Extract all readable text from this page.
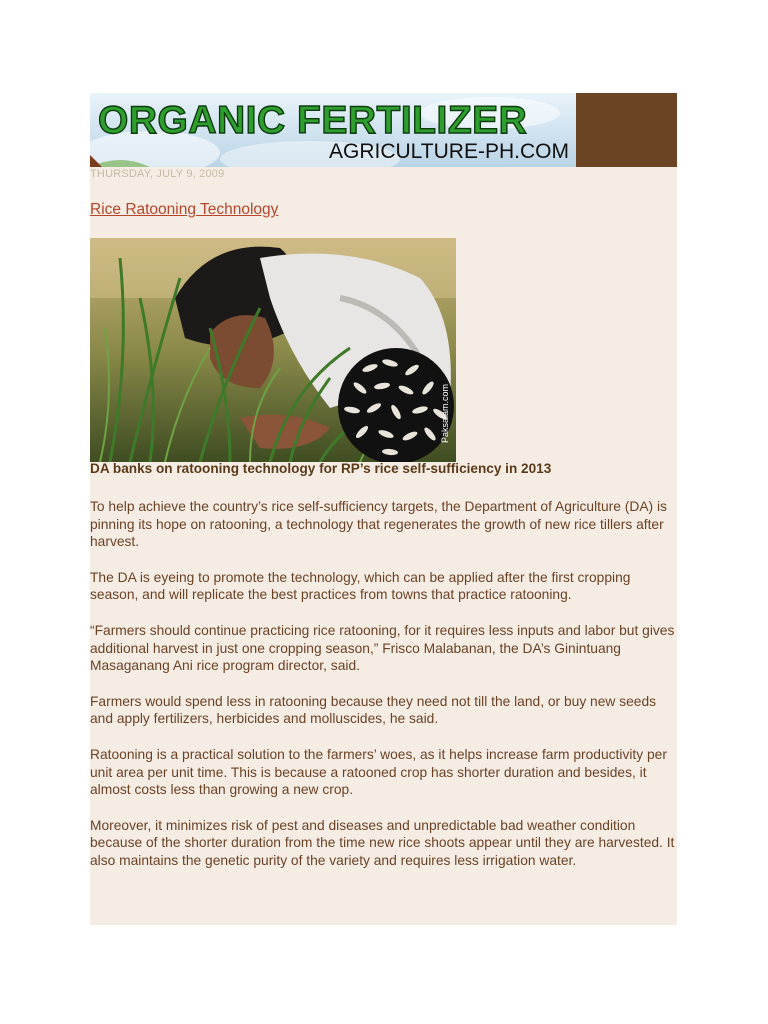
ORGANIC FERTILIZER
AGRICULTURE-PH.COM
THURSDAY, JULY 9, 2009
Rice Ratooning Technology
Paksalam.com
DA banks on ratooning technology for RP’s rice self-sufficiency in 2013

To help achieve the country’s rice self-sufficiency targets, the Department of Agriculture (DA) is pinning its hope on ratooning, a technology that regenerates the growth of new rice tillers after harvest.

The DA is eyeing to promote the technology, which can be applied after the first cropping season, and will replicate the best practices from towns that practice ratooning.

“Farmers should continue practicing rice ratooning, for it requires less inputs and labor but gives additional harvest in just one cropping season,” Frisco Malabanan, the DA’s Ginintuang Masaganang Ani rice program director, said.

Farmers would spend less in ratooning because they need not till the land, or buy new seeds and apply fertilizers, herbicides and molluscides, he said.

Ratooning is a practical solution to the farmers’ woes, as it helps increase farm productivity per unit area per unit time. This is because a ratooned crop has shorter duration and besides, it almost costs less than growing a new crop.

Moreover, it minimizes risk of pest and diseases and unpredictable bad weather condition because of the shorter duration from the time new rice shoots appear until they are harvested. It also maintains the genetic purity of the variety and requires less irrigation water.
